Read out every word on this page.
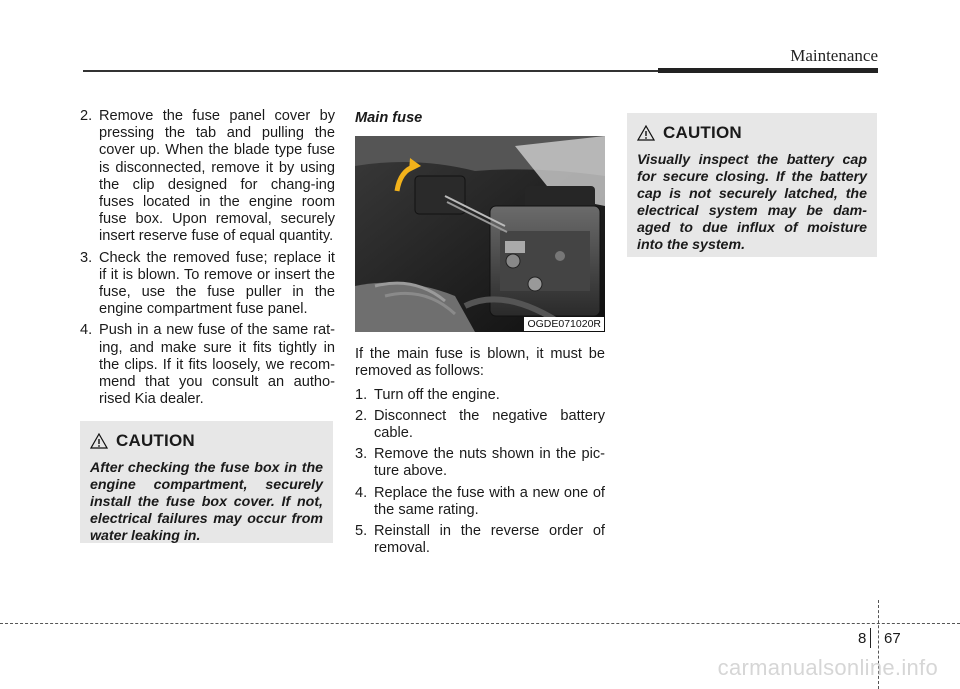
Maintenance

2. Remove the fuse panel cover by pressing the tab and pulling the cover up. When the blade type fuse is disconnected, remove it by using the clip designed for chang-ing fuses located in the engine room fuse box. Upon removal, securely insert reserve fuse of equal quantity.

3. Check the removed fuse; replace it if it is blown. To remove or insert the fuse, use the fuse puller in the engine compartment fuse panel.

4. Push in a new fuse of the same rat-ing, and make sure it fits tightly in the clips. If it fits loosely, we recom-mend that you consult an autho-rised Kia dealer.

CAUTION
After checking the fuse box in the engine compartment, securely install the fuse box cover. If not, electrical failures may occur from water leaking in.
Main fuse
OGDE071020R

If the main fuse is blown, it must be removed as follows:

1. Turn off the engine.

2. Disconnect the negative battery cable.

3. Remove the nuts shown in the pic-ture above.

4. Replace the fuse with a new one of the same rating.

5. Reinstall in the reverse order of removal.

CAUTION
Visually inspect the battery cap for secure closing. If the battery cap is not securely latched, the electrical system may be dam-aged to due influx of moisture into the system.
8 67
carmanualsonline.info
